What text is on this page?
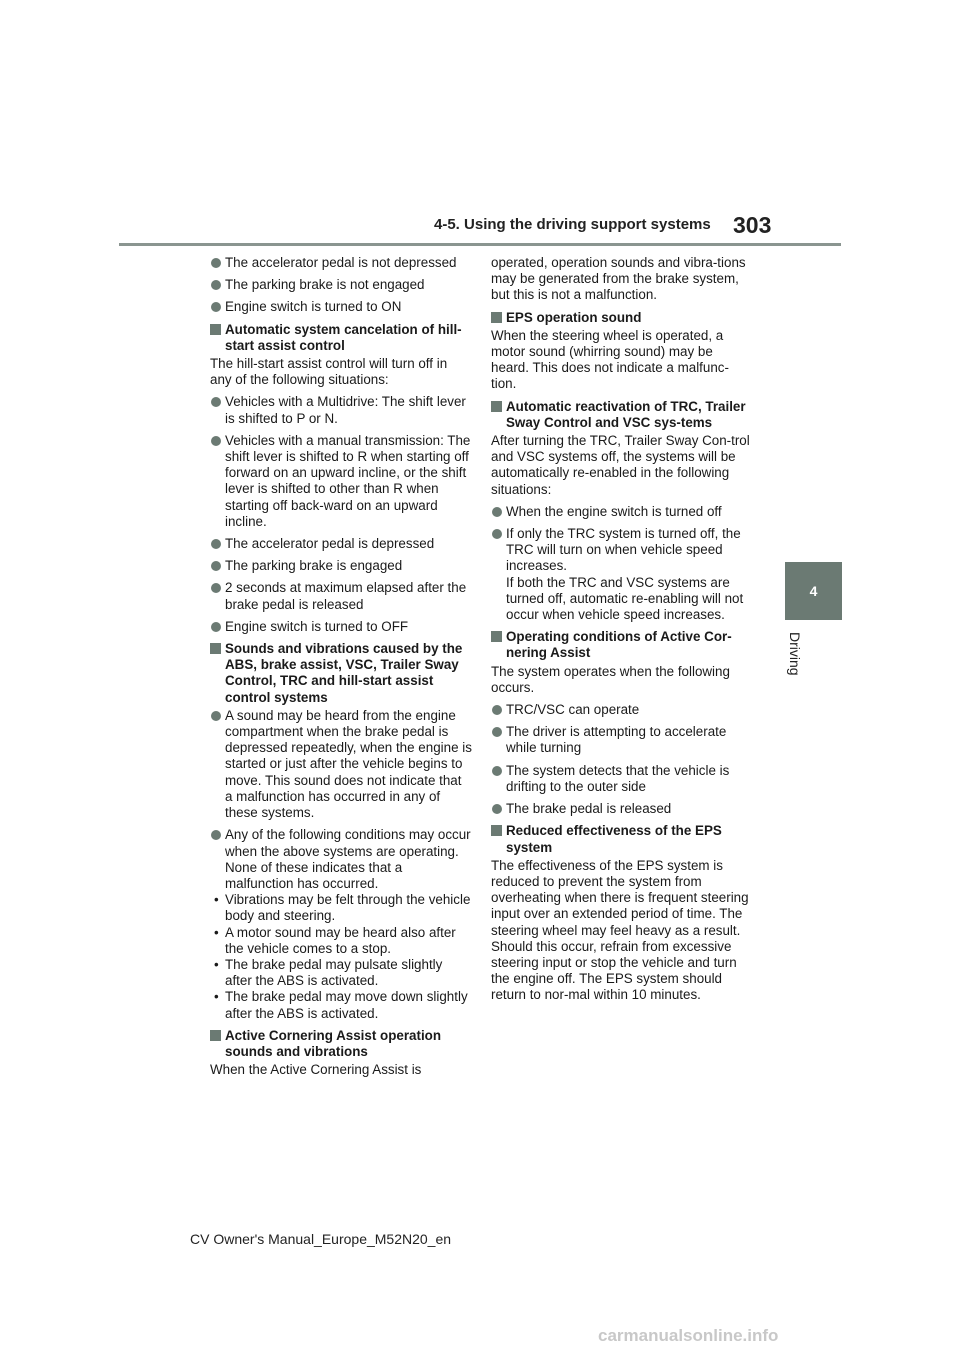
4-5. Using the driving support systems 303
4
Driving

The accelerator pedal is not depressed

The parking brake is not engaged

Engine switch is turned to ON

Automatic system cancelation of hill-start assist control

The hill-start assist control will turn off in any of the following situations:

Vehicles with a Multidrive: The shift lever is shifted to P or N.

Vehicles with a manual transmission: The shift lever is shifted to R when starting off forward on an upward incline, or the shift lever is shifted to other than R when starting off back-ward on an upward incline.

The accelerator pedal is depressed

The parking brake is engaged

2 seconds at maximum elapsed after the brake pedal is released

Engine switch is turned to OFF

Sounds and vibrations caused by the ABS, brake assist, VSC, Trailer Sway Control, TRC and hill-start assist control systems

A sound may be heard from the engine compartment when the brake pedal is depressed repeatedly, when the engine is started or just after the vehicle begins to move. This sound does not indicate that a malfunction has occurred in any of these systems.

Any of the following conditions may occur when the above systems are operating. None of these indicates that a malfunction has occurred.

• Vibrations may be felt through the vehicle body and steering.

• A motor sound may be heard also after the vehicle comes to a stop.

• The brake pedal may pulsate slightly after the ABS is activated.

• The brake pedal may move down slightly after the ABS is activated.

Active Cornering Assist operation sounds and vibrations

When the Active Cornering Assist is

operated, operation sounds and vibra-tions may be generated from the brake system, but this is not a malfunction.

EPS operation sound

When the steering wheel is operated, a motor sound (whirring sound) may be heard. This does not indicate a malfunc-tion.

Automatic reactivation of TRC, Trailer Sway Control and VSC sys-tems

After turning the TRC, Trailer Sway Con-trol and VSC systems off, the systems will be automatically re-enabled in the following situations:

When the engine switch is turned off

If only the TRC system is turned off, the TRC will turn on when vehicle speed increases.
If both the TRC and VSC systems are turned off, automatic re-enabling will not occur when vehicle speed increases.

Operating conditions of Active Cor-nering Assist

The system operates when the following occurs.

TRC/VSC can operate

The driver is attempting to accelerate while turning

The system detects that the vehicle is drifting to the outer side

The brake pedal is released

Reduced effectiveness of the EPS system

The effectiveness of the EPS system is reduced to prevent the system from overheating when there is frequent steering input over an extended period of time. The steering wheel may feel heavy as a result. Should this occur, refrain from excessive steering input or stop the vehicle and turn the engine off. The EPS system should return to nor-mal within 10 minutes.

CV Owner's Manual_Europe_M52N20_en
carmanualsonline.info
